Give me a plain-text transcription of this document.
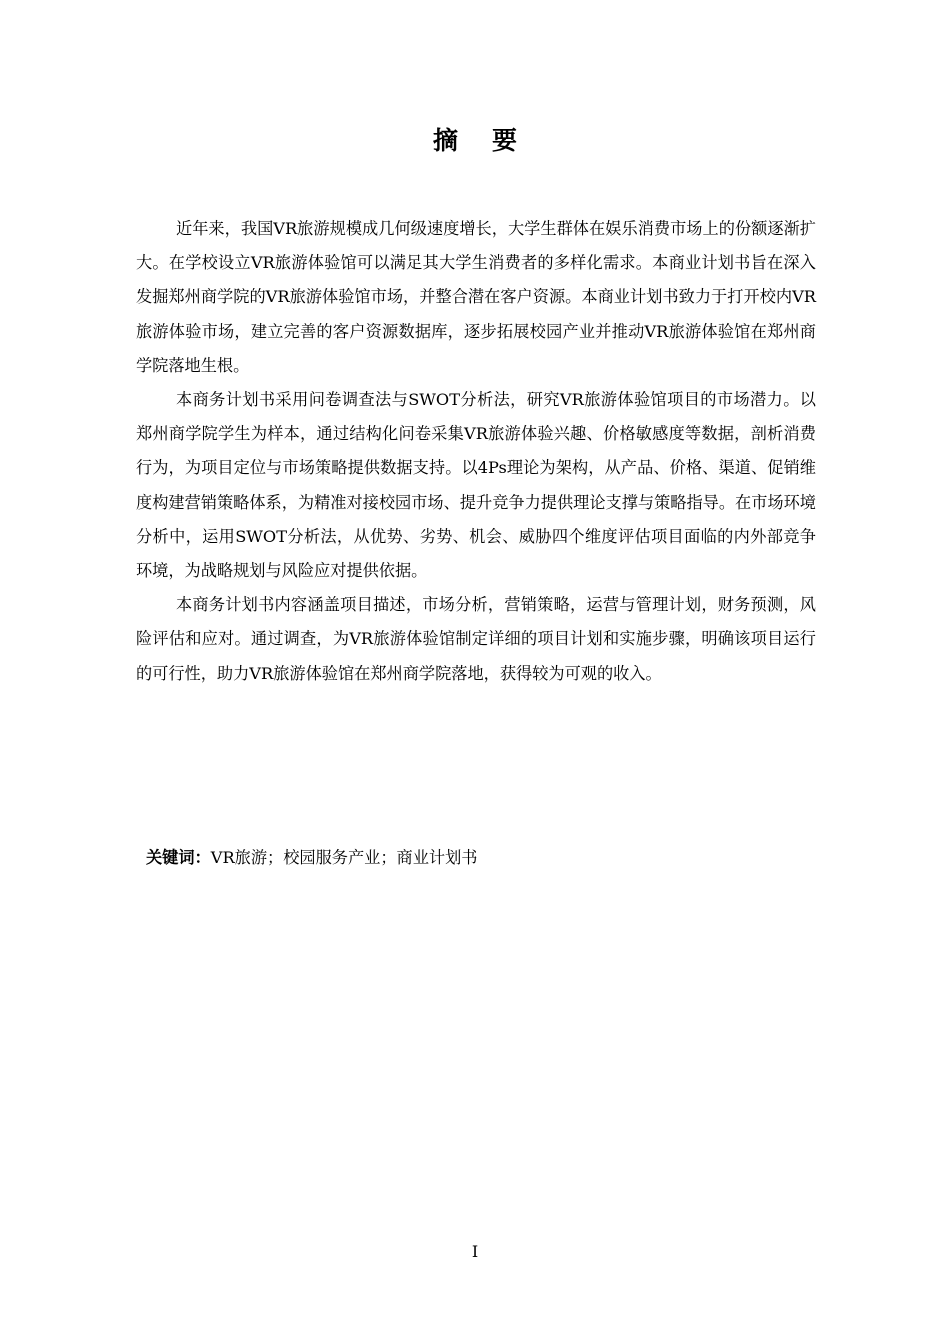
摘要

近年来，我国VR旅游规模成几何级速度增长，大学生群体在娱乐消费市场上的份额逐渐扩大。在学校设立VR旅游体验馆可以满足其大学生消费者的多样化需求。本商业计划书旨在深入发掘郑州商学院的VR旅游体验馆市场，并整合潜在客户资源。本商业计划书致力于打开校内VR旅游体验市场，建立完善的客户资源数据库，逐步拓展校园产业并推动VR旅游体验馆在郑州商学院落地生根。

本商务计划书采用问卷调查法与SWOT分析法，研究VR旅游体验馆项目的市场潜力。以郑州商学院学生为样本，通过结构化问卷采集VR旅游体验兴趣、价格敏感度等数据，剖析消费行为，为项目定位与市场策略提供数据支持。以4Ps理论为架构，从产品、价格、渠道、促销维度构建营销策略体系，为精准对接校园市场、提升竞争力提供理论支撑与策略指导。在市场环境分析中，运用SWOT分析法，从优势、劣势、机会、威胁四个维度评估项目面临的内外部竞争环境，为战略规划与风险应对提供依据。

本商务计划书内容涵盖项目描述，市场分析，营销策略，运营与管理计划，财务预测，风险评估和应对。通过调查，为VR旅游体验馆制定详细的项目计划和实施步骤，明确该项目运行的可行性，助力VR旅游体验馆在郑州商学院落地，获得较为可观的收入。

关键词：VR旅游；校园服务产业；商业计划书
I
